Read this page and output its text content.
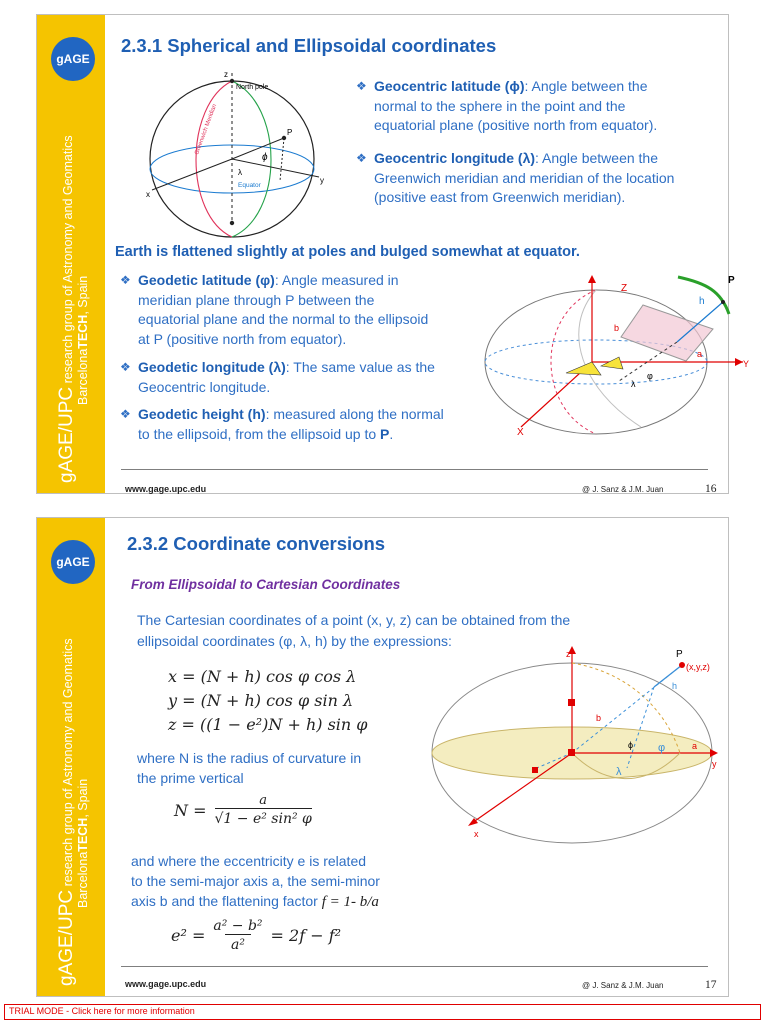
gAGE
gAGE/UPC research group of Astronomy and Geomatics BarcelonaTECH, Spain
2.3.1 Spherical and Ellipsoidal coordinates
z
North pole
P
ϕ
λ
Equator
Greenwich Meridian
x
y
❖ Geocentric latitude (ϕ): Angle between the
normal to the sphere in the point and the
equatorial plane (positive north from equator).
❖ Geocentric longitude (λ): Angle between the
Greenwich meridian and meridian of the location
(positive east from Greenwich meridian).
Earth is flattened slightly at poles and bulged somewhat at equator.
❖ Geodetic latitude (φ): Angle measured in
meridian plane through P between the
equatorial plane and the normal to the ellipsoid
at P (positive north from equator).
❖ Geodetic longitude (λ): The same value as the
Geocentric longitude.
❖ Geodetic height (h): measured along the normal
to the ellipsoid, from the ellipsoid up to P.
Z
P
h
b
a
Y
X
φ
λ
www.gage.upc.edu	@ J. Sanz & J.M. Juan	16
gAGE
gAGE/UPC research group of Astronomy and Geomatics BarcelonaTECH, Spain
2.3.2 Coordinate conversions
From Ellipsoidal to Cartesian Coordinates
The Cartesian coordinates of a point (x, y, z) can be obtained from the
ellipsoidal coordinates (φ, λ, h) by the expressions:
x = (N + h) cos φ cos λ
y = (N + h) cos φ sin λ
z = ((1 − e²)N + h) sin φ
where N is the radius of curvature in
the prime vertical
$N = \frac{a}{\text{√1 − e² sin² φ}}$
and where the eccentricity e is related
to the semi-major axis a, the semi-minor
axis b and the flattening factor f = 1- b/a
$e^2 = \frac{\text{a² − b²}}{\text{a²}} = 2f - f^2$
z	P
(x,y,z)
h
b
ϕ φ	a
y
x
λ
www.gage.upc.edu	@ J. Sanz & J.M. Juan	17
TRIAL MODE - Click here for more information
